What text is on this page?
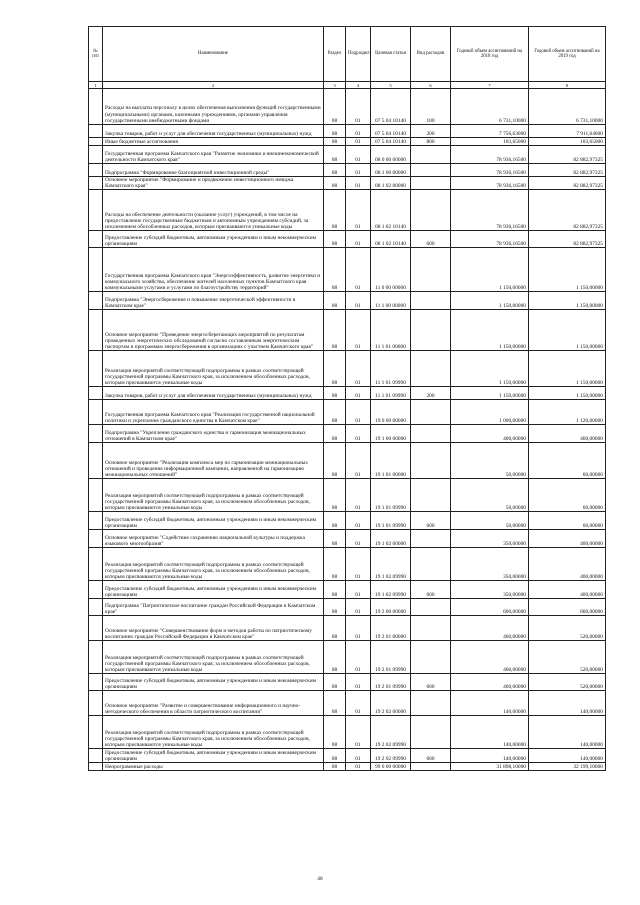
№ п/п	Наименование	Раздел	Подраздел	Целевая статья	Вид расходов	Годовой объем ассигнований на 2018 год	Годовой объем ассигнований на 2019 год
1	2	3	4	5	6	7	8
	Расходы на выплаты персоналу в целях обеспечения выполнения функций государственными (муниципальными) органами, казенными учреждениями, органами управления государственными внебюджетными фондами	08	01	07 5 04 10140	100	6 731,10000	6 731,10000
	Закупка товаров, работ и услуг для обеспечения государственных (муниципальных) нужд	08	01	07 5 04 10140	200	7 756,63000	7 911,64000
	Иные бюджетные ассигнования	08	01	07 5 04 10140	800	103,65000	103,65000
	Государственная программа Камчатского края "Развитие экономики и внешнеэкономической деятельности Камчатского края"	08	01	08 0 00 00000		78 936,16500	82 882,97325
	Подпрограмма "Формирование благоприятной инвестиционной среды"	08	01	08 1 00 00000		78 936,16500	82 882,97325
	Основное мероприятие "Формирование и продвижение инвестиционного имиджа Камчатского края"	08	01	08 1 02 00000		78 936,16500	82 882,97325
	Расходы на обеспечение деятельности (оказание услуг) учреждений, в том числе на предоставление государственным бюджетным и автономным учреждениям субсидий, за исключением обособленных расходов, которым присваиваются уникальные коды	08	01	08 1 02 10140		78 936,16500	82 882,97325
	Предоставление субсидий бюджетным, автономным учреждениям и иным некоммерческим организациям	08	01	08 1 02 10140	600	78 936,16500	82 882,97325
	Государственная программа Камчатского края "Энергоэффективность, развитие энергетики и коммунального хозяйства, обеспечение жителей населенных пунктов Камчатского края коммунальными услугами и услугами по благоустройству территорий"	08	01	11 0 00 00000		1 150,00000	1 150,00000
	Подпрограмма "Энергосбережение и повышение энергетической эффективности в Камчатском крае"	08	01	11 1 00 00000		1 150,00000	1 150,00000
	Основное мероприятие "Проведение энергосберегающих мероприятий по результатам проведенных энергетических обследований согласно составленным энергетическим паспортам и программам энергосбережения в организациях с участием Камчатского края"	08	01	11 1 01 00000		1 150,00000	1 150,00000
	Реализация мероприятий соответствующей подпрограммы в рамках соответствующей государственной программы Камчатского края, за исключением обособленных расходов, которым присваиваются уникальные коды	08	01	11 1 01 09990		1 150,00000	1 150,00000
	Закупка товаров, работ и услуг для обеспечения государственных (муниципальных) нужд	08	01	11 1 01 09990	200	1 150,00000	1 150,00000
	Государственная программа Камчатского края "Реализация государственной национальной политики и укрепление гражданского единства в Камчатском крае"	08	01	19 0 00 00000		1 000,00000	1 120,00000
	Подпрограмма "Укрепление гражданского единства и гармонизация межнациональных отношений в Камчатском крае"	08	01	19 1 00 00000		400,00000	460,00000
	Основное мероприятие "Реализация комплекса мер по гармонизации межнациональных отношений и проведение информационной кампании, направленной на гармонизацию межнациональных отношений"	08	01	19 1 01 00000		50,00000	60,00000
	Реализация мероприятий соответствующей подпрограммы в рамках соответствующей государственной программы Камчатского края, за исключением обособленных расходов, которым присваиваются уникальные коды	08	01	19 1 01 09990		50,00000	60,00000
	Предоставление субсидий бюджетным, автономным учреждениям и иным некоммерческим организациям	08	01	19 1 01 09990	600	50,00000	60,00000
	Основное мероприятие "Содействие сохранению национальной культуры и поддержка языкового многообразия"	08	01	19 1 02 00000		350,00000	400,00000
	Реализация мероприятий соответствующей подпрограммы в рамках соответствующей государственной программы Камчатского края, за исключением обособленных расходов, которым присваиваются уникальные коды	08	01	19 1 02 09990		350,00000	400,00000
	Предоставление субсидий бюджетным, автономным учреждениям и иным некоммерческим организациям	08	01	19 1 02 09990	600	350,00000	400,00000
	Подпрограмма "Патриотическое воспитание граждан Российской Федерации в Камчатском крае"	08	01	19 2 00 00000		600,00000	660,00000
	Основное мероприятие "Совершенствование форм и методов работы по патриотическому воспитанию граждан Российской Федерации в Камчатском крае"	08	01	19 2 01 00000		460,00000	520,00000
	Реализация мероприятий соответствующей подпрограммы в рамках соответствующей государственной программы Камчатского края, за исключением обособленных расходов, которым присваиваются уникальные коды	08	01	19 2 01 09990		460,00000	520,00000
	Предоставление субсидий бюджетным, автономным учреждениям и иным некоммерческим организациям	08	01	19 2 01 09990	600	460,00000	520,00000
	Основное мероприятие "Развитие и совершенствование информационного и научно-методического обеспечения в области патриотического воспитания"	08	01	19 2 02 00000		140,00000	140,00000
	Реализация мероприятий соответствующей подпрограммы в рамках соответствующей государственной программы Камчатского края, за исключением обособленных расходов, которым присваиваются уникальные коды	08	01	19 2 02 09990		140,00000	140,00000
	Предоставление субсидий бюджетным, автономным учреждениям и иным некоммерческим организациям	08	01	19 2 02 09990	600	140,00000	140,00000
	Непрограммные расходы	08	01	99 0 00 00000		31 898,10000	32 199,10000
48
